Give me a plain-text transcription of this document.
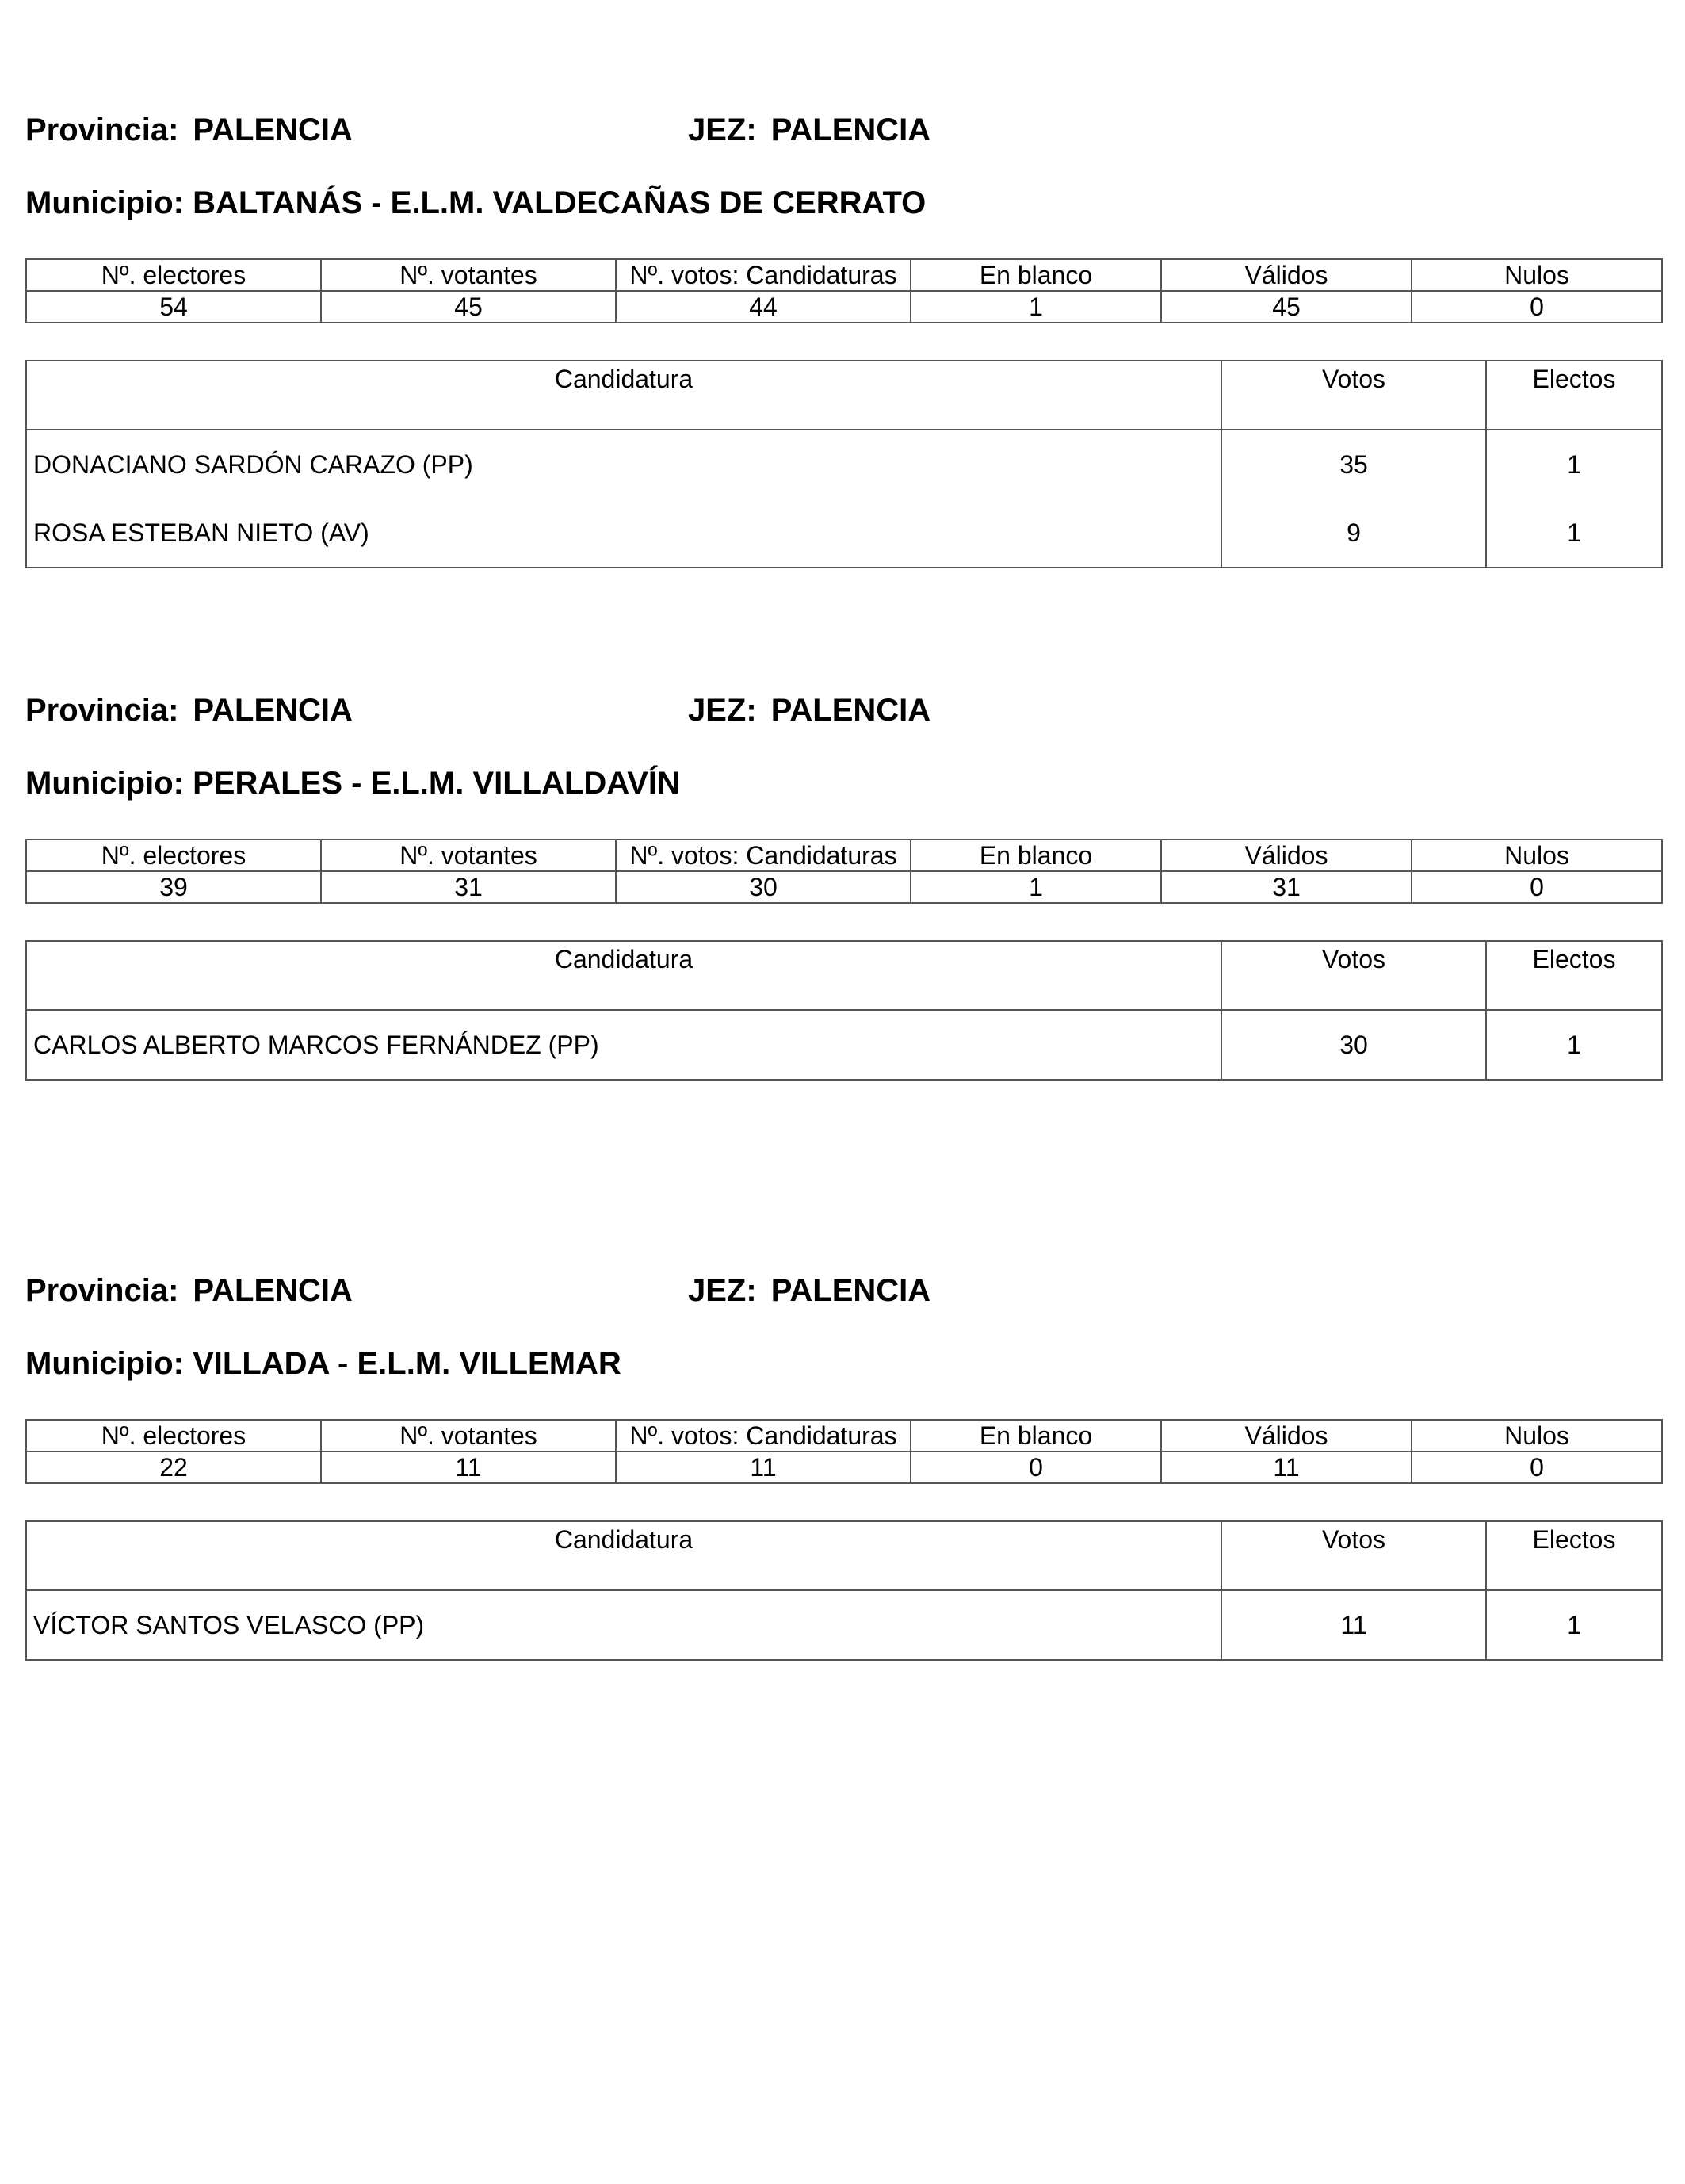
Provincia: PALENCIA	JEZ: PALENCIA
Municipio: BALTANÁS - E.L.M. VALDECAÑAS DE CERRATO
Nº. electores	Nº. votantes	Nº. votos: Candidaturas	En blanco	Válidos	Nulos
54	45	44	1	45	0
Candidatura	Votos	Electos
DONACIANO SARDÓN CARAZO (PP)	35	1
ROSA ESTEBAN NIETO (AV)	9	1
Provincia: PALENCIA	JEZ: PALENCIA
Municipio: PERALES - E.L.M. VILLALDAVÍN
Nº. electores	Nº. votantes	Nº. votos: Candidaturas	En blanco	Válidos	Nulos
39	31	30	1	31	0
Candidatura	Votos	Electos
CARLOS ALBERTO MARCOS FERNÁNDEZ (PP)	30	1
Provincia: PALENCIA	JEZ: PALENCIA
Municipio: VILLADA - E.L.M. VILLEMAR
Nº. electores	Nº. votantes	Nº. votos: Candidaturas	En blanco	Válidos	Nulos
22	11	11	0	11	0
Candidatura	Votos	Electos
VÍCTOR SANTOS VELASCO (PP)	11	1
